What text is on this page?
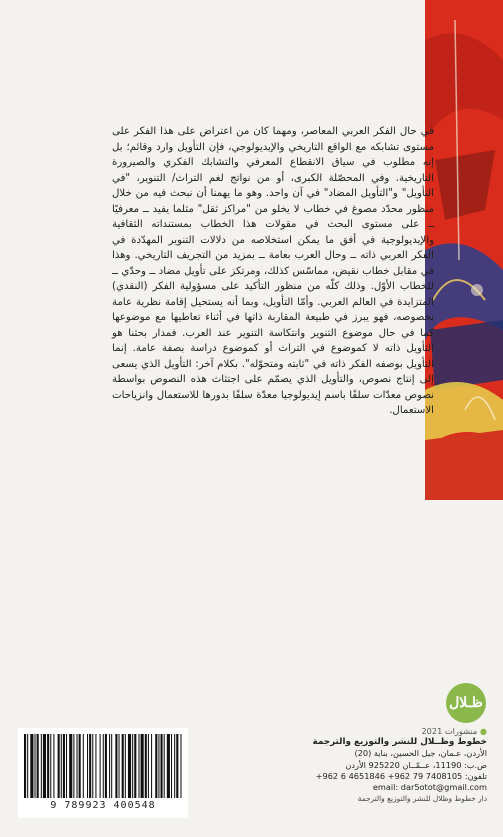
في حال الفكر العربي المعاصر، ومهما كان من اعتراض على هذا الفكر على مستوى تشابكه مع الواقع التاريخي والإيديولوجي، فإن التأويل وارد وقائم؛ بل إنه مطلوب في سياق الانقطاع المعرفي والتشابك الفكري والصيرورة التاريخية. وفي المحصّلة الكبرى، أو من نواتج لغم التراث/ التنوير، "في التأويل" و"التأويل المضاد" في آن واحد. وهو ما يهمنا أن نبحث فيه من خلال منظور محدّد مصوغ في خطاب لا يخلو من "مراكز ثقل" مثلما يفيد ــ معرفيًا ــ على مستوى البحث في مقولات هذا الخطاب بمستنداته الثقافية والإيديولوجية في أفق ما يمكن استخلاصه من دلالات التنوير المهدّدة في الفكر العربي ذاته ــ وحال العرب بعامة ــ بمزيد من التجريف التاريخي. وهذا في مقابل خطاب نقيض، مماسّس كذلك، ومرتكز على تأويل مضاد ــ وحدّي ــ للخطاب الأوّل. وذلك كلّه من منظور التأكيد على مسؤولية الفكر (النقدي) المتزايدة في العالم العربي. وأمّا التأويل، وبما أنه يستحيل إقامة نظرية عامة بخصوصه، فهو يبرز في طبيعة المقاربة ذاتها في أثناء تعاطيها مع موضوعها كما في حال موضوع التنوير وانتكاسة التنوير عند العرب. فمدار بحثنا هو التأويل ذاته لا كموضوع في التراث أو كموضوع دراسة بصفة عامة. إنما التأويل بوصفه الفكر ذاته في "ثابته ومتحوّله". بكلام آخر: التأويل الذي يسعى إلى إنتاج نصوص، والتأويل الذي يصمّم على اجتثاث هذه النصوص بواسطة نصوص معدّات سلفًا باسم إيديولوجيا معدّة سلفًا بدورها للاستعمال وانزياحات الاستعمال.

ظـلال
● منشورات 2021
خطوط وظــلال للنشر والتوزيع والترجمة
الأردن، عـمان، جبل الحسين، بناية (20)
ص.ب: 11190، عــمّــان 925220 الأردن
تلفون: 7408105 79 962+ 4651846 6 962+
email: dar5otot@gmail.com
دار خطوط وظلال للنشر والتوزيع والترجمة
9 789923 400548
